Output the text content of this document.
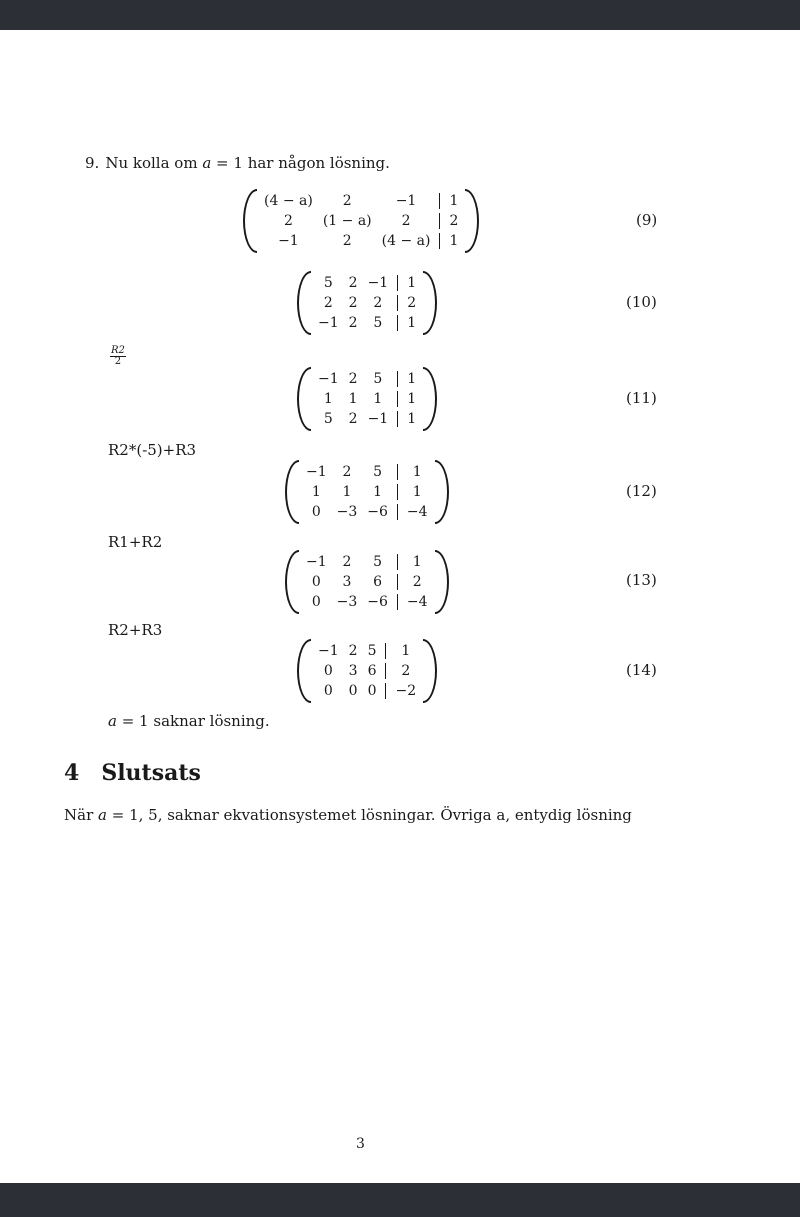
9. Nu kolla om a = 1 har någon lösning.
(4 − a)	2	−1		1
2	(1 − a)	2		2
−1	2	(4 − a)		1
(9)
5	2	−1		1
2	2	2		2
−1	2	5		1
(10)
$\frac{R2}{2}$
−1	2	5		1
1	1	1		1
5	2	−1		1
(11)
R2*(-5)+R3
−1	2	5		1
1	1	1		1
0	−3	−6		−4
(12)
R1+R2
−1	2	5		1
0	3	6		2
0	−3	−6		−4
(13)
R2+R3
−1	2	5		1
0	3	6		2
0	0	0		−2
(14)
a = 1 saknar lösning.
4 Slutsats
När a = 1, 5, saknar ekvationsystemet lösningar. Övriga a, entydig lösning
3
